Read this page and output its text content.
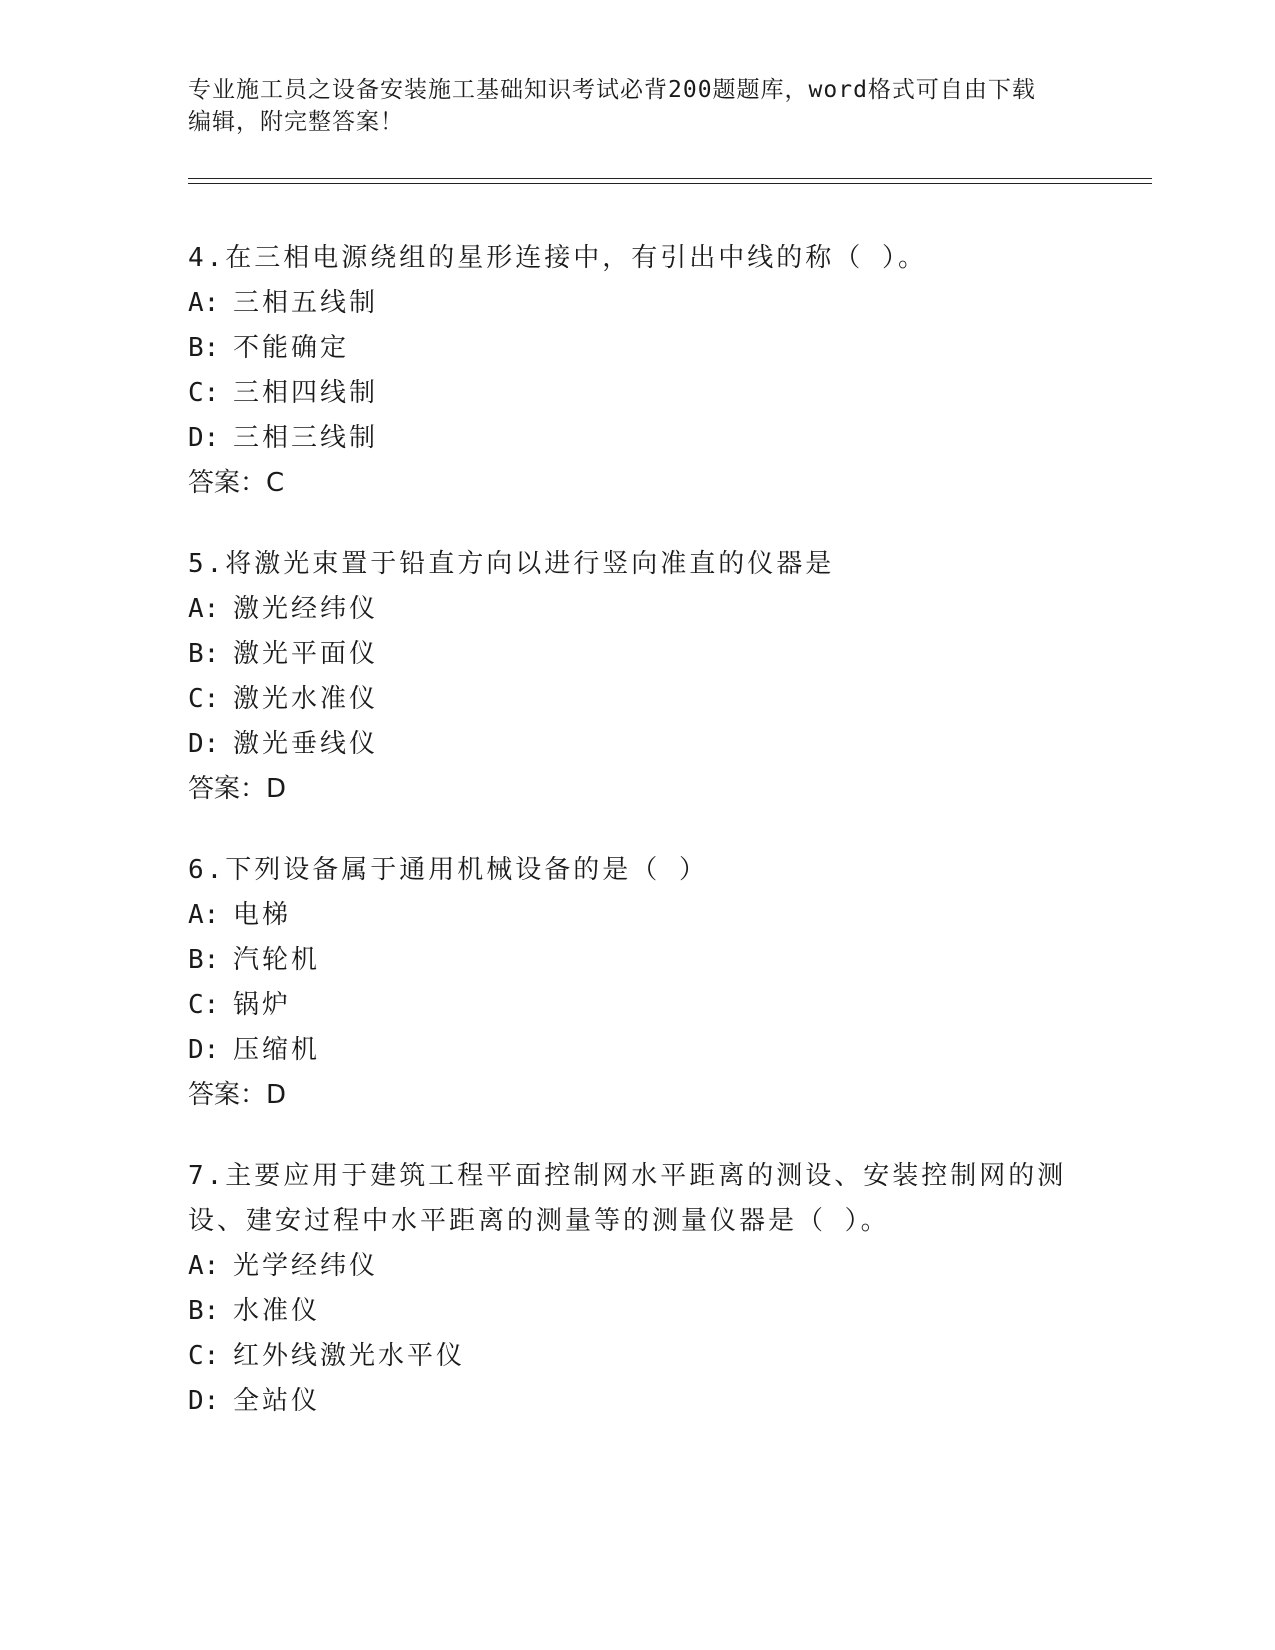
专业施工员之设备安装施工基础知识考试必背200题题库，word格式可自由下载
编辑，附完整答案！

4.在三相电源绕组的星形连接中，有引出中线的称（ ）。

A: 三相五线制
B: 不能确定
C: 三相四线制
D: 三相三线制

答案：C

5.将激光束置于铅直方向以进行竖向准直的仪器是

A: 激光经纬仪
B: 激光平面仪
C: 激光水准仪
D: 激光垂线仪

答案：D

6.下列设备属于通用机械设备的是（ ）

A: 电梯
B: 汽轮机
C: 锅炉
D: 压缩机

答案：D

7.主要应用于建筑工程平面控制网水平距离的测设、安装控制网的测设、建安过程中水平距离的测量等的测量仪器是（ ）。

A: 光学经纬仪
B: 水准仪
C: 红外线激光水平仪
D: 全站仪
